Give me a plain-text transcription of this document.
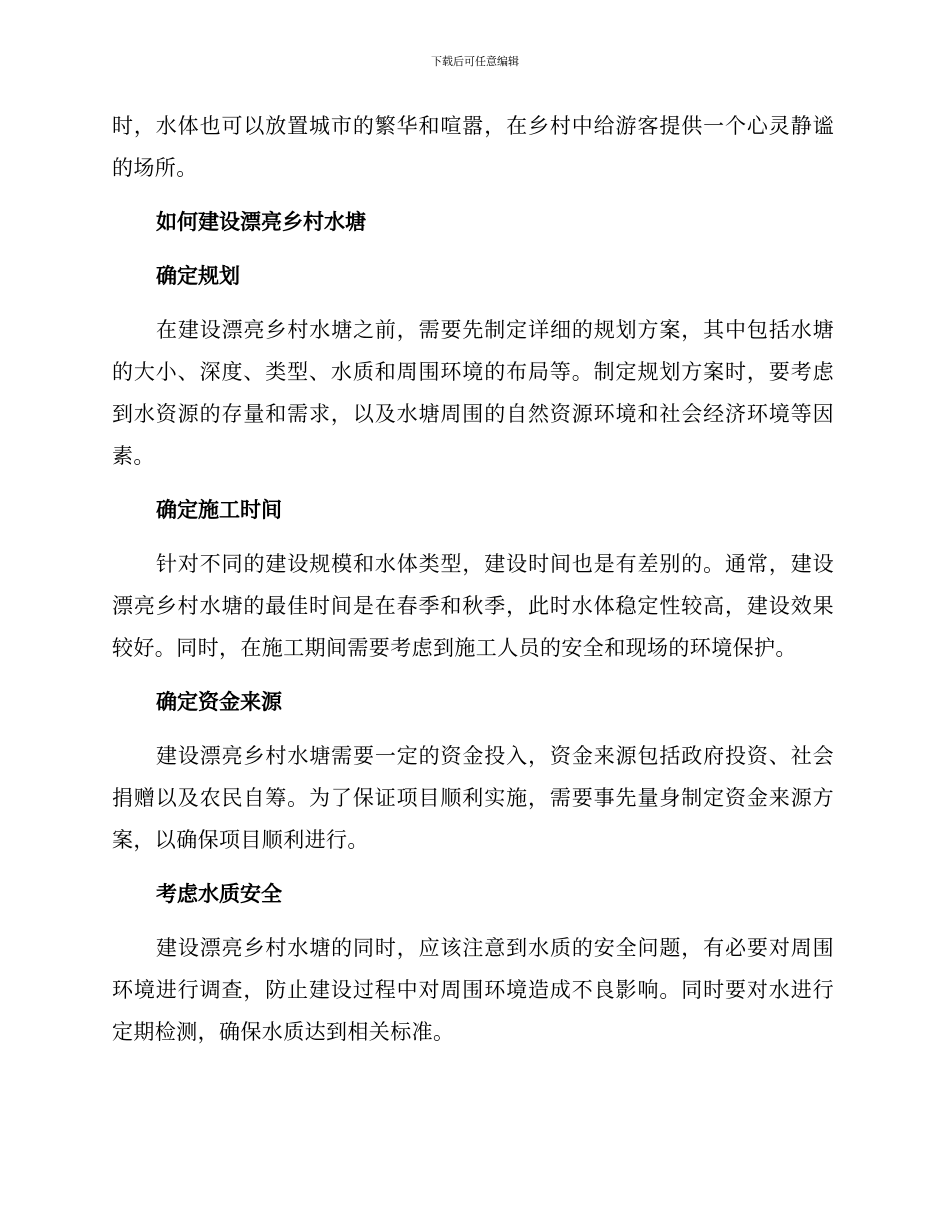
下载后可任意编辑

时，水体也可以放置城市的繁华和喧嚣，在乡村中给游客提供一个心灵静谧的场所。

如何建设漂亮乡村水塘
确定规划

在建设漂亮乡村水塘之前，需要先制定详细的规划方案，其中包括水塘的大小、深度、类型、水质和周围环境的布局等。制定规划方案时，要考虑到水资源的存量和需求，以及水塘周围的自然资源环境和社会经济环境等因素。

确定施工时间

针对不同的建设规模和水体类型，建设时间也是有差别的。通常，建设漂亮乡村水塘的最佳时间是在春季和秋季，此时水体稳定性较高，建设效果较好。同时，在施工期间需要考虑到施工人员的安全和现场的环境保护。

确定资金来源

建设漂亮乡村水塘需要一定的资金投入，资金来源包括政府投资、社会捐赠以及农民自筹。为了保证项目顺利实施，需要事先量身制定资金来源方案，以确保项目顺利进行。

考虑水质安全

建设漂亮乡村水塘的同时，应该注意到水质的安全问题，有必要对周围环境进行调查，防止建设过程中对周围环境造成不良影响。同时要对水进行定期检测，确保水质达到相关标准。
